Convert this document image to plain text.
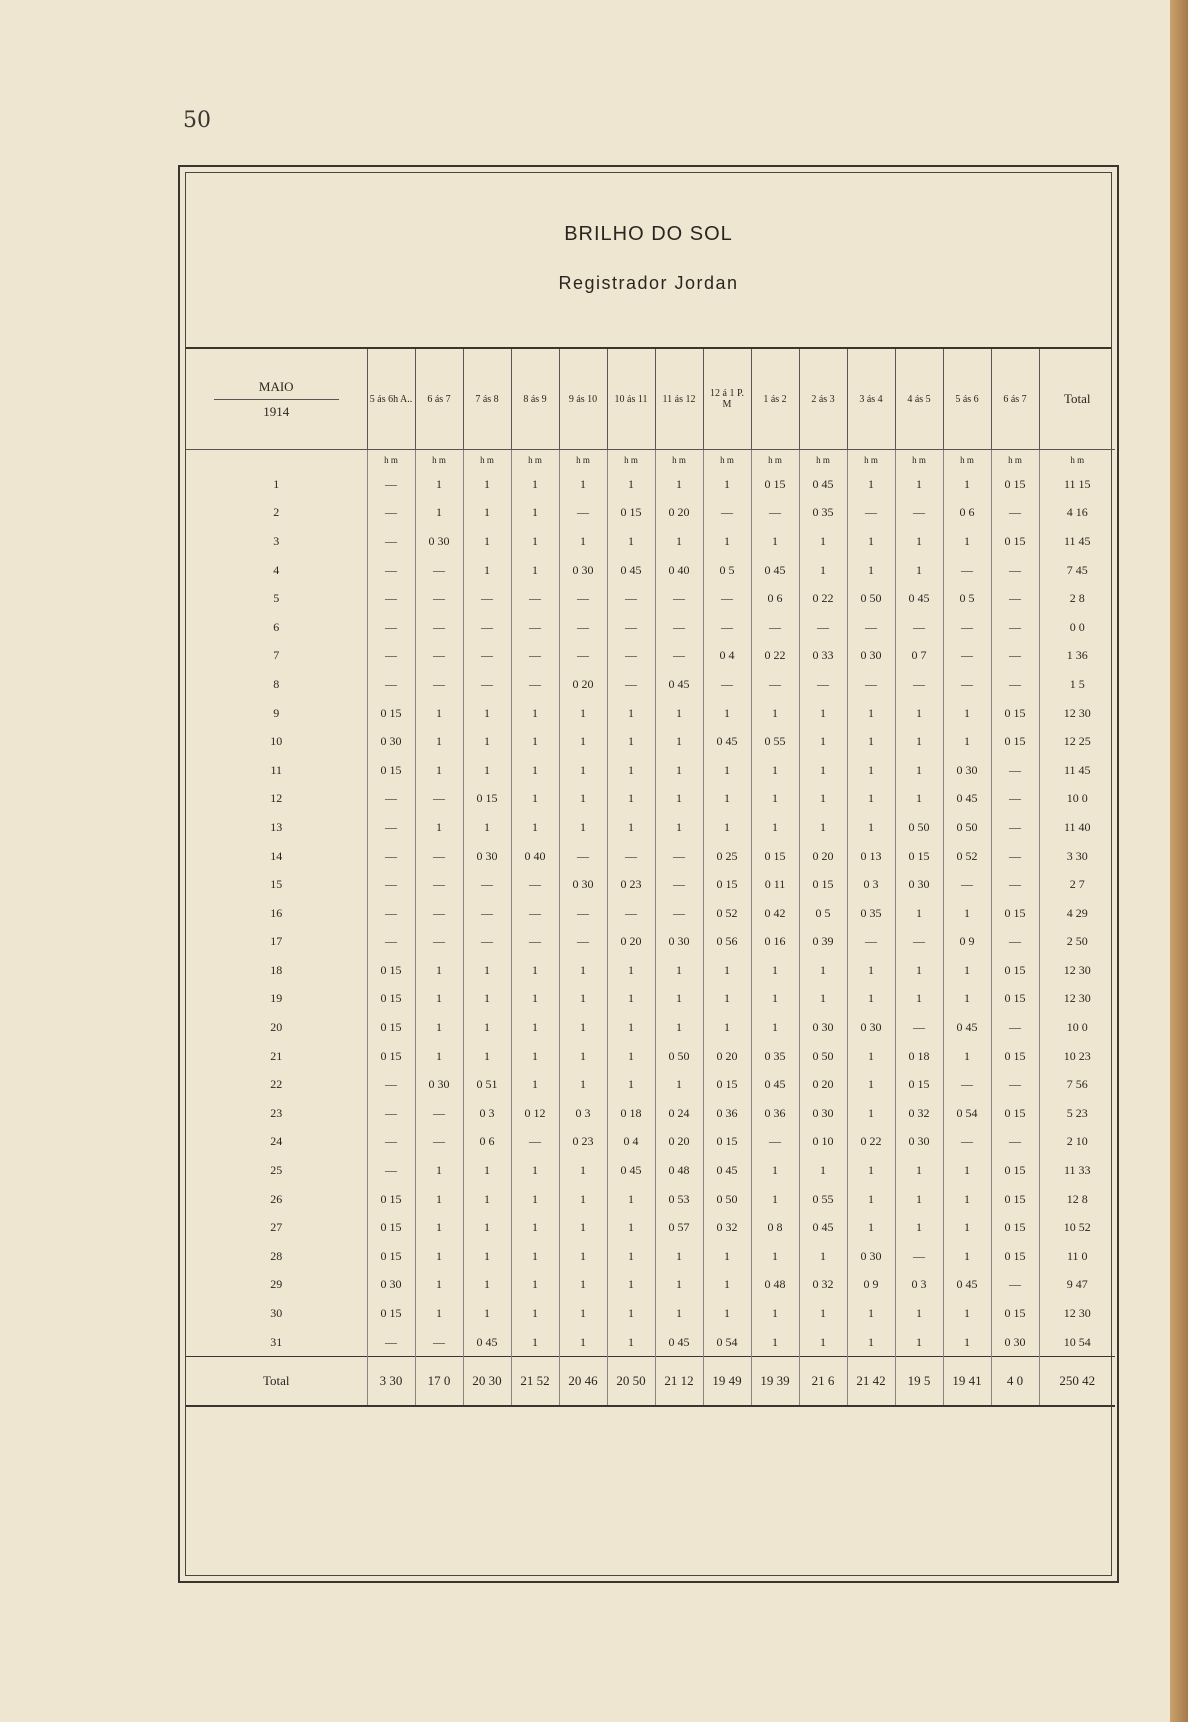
50
BRILHO DO SOL
Registrador Jordan
MAIO
1914	5 ás 6h A..	6 ás 7	7 ás 8	8 ás 9	9 ás 10	10 ás 11	11 ás 12	12 á 1 P. M	1 ás 2	2 ás 3	3 ás 4	4 ás 5	5 ás 6	6 ás 7	Total
	h m	h m	h m	h m	h m	h m	h m	h m	h m	h m	h m	h m	h m	h m	h m
1	—	1	1	1	1	1	1	1	0 15	0 45	1	1	1	0 15	11 15
2	—	1	1	1	—	0 15	0 20	—	—	0 35	—	—	0 6	—	4 16
3	—	0 30	1	1	1	1	1	1	1	1	1	1	1	0 15	11 45
4	—	—	1	1	0 30	0 45	0 40	0 5	0 45	1	1	1	—	—	7 45
5	—	—	—	—	—	—	—	—	0 6	0 22	0 50	0 45	0 5	—	2 8
6	—	—	—	—	—	—	—	—	—	—	—	—	—	—	0 0
7	—	—	—	—	—	—	—	0 4	0 22	0 33	0 30	0 7	—	—	1 36
8	—	—	—	—	0 20	—	0 45	—	—	—	—	—	—	—	1 5
9	0 15	1	1	1	1	1	1	1	1	1	1	1	1	0 15	12 30
10	0 30	1	1	1	1	1	1	0 45	0 55	1	1	1	1	0 15	12 25
11	0 15	1	1	1	1	1	1	1	1	1	1	1	0 30	—	11 45
12	—	—	0 15	1	1	1	1	1	1	1	1	1	0 45	—	10 0
13	—	1	1	1	1	1	1	1	1	1	1	0 50	0 50	—	11 40
14	—	—	0 30	0 40	—	—	—	0 25	0 15	0 20	0 13	0 15	0 52	—	3 30
15	—	—	—	—	0 30	0 23	—	0 15	0 11	0 15	0 3	0 30	—	—	2 7
16	—	—	—	—	—	—	—	0 52	0 42	0 5	0 35	1	1	0 15	4 29
17	—	—	—	—	—	0 20	0 30	0 56	0 16	0 39	—	—	0 9	—	2 50
18	0 15	1	1	1	1	1	1	1	1	1	1	1	1	0 15	12 30
19	0 15	1	1	1	1	1	1	1	1	1	1	1	1	0 15	12 30
20	0 15	1	1	1	1	1	1	1	1	0 30	0 30	—	0 45	—	10 0
21	0 15	1	1	1	1	1	0 50	0 20	0 35	0 50	1	0 18	1	0 15	10 23
22	—	0 30	0 51	1	1	1	1	0 15	0 45	0 20	1	0 15	—	—	7 56
23	—	—	0 3	0 12	0 3	0 18	0 24	0 36	0 36	0 30	1	0 32	0 54	0 15	5 23
24	—	—	0 6	—	0 23	0 4	0 20	0 15	—	0 10	0 22	0 30	—	—	2 10
25	—	1	1	1	1	0 45	0 48	0 45	1	1	1	1	1	0 15	11 33
26	0 15	1	1	1	1	1	0 53	0 50	1	0 55	1	1	1	0 15	12 8
27	0 15	1	1	1	1	1	0 57	0 32	0 8	0 45	1	1	1	0 15	10 52
28	0 15	1	1	1	1	1	1	1	1	1	0 30	—	1	0 15	11 0
29	0 30	1	1	1	1	1	1	1	0 48	0 32	0 9	0 3	0 45	—	9 47
30	0 15	1	1	1	1	1	1	1	1	1	1	1	1	0 15	12 30
31	—	—	0 45	1	1	1	0 45	0 54	1	1	1	1	1	0 30	10 54
Total	3 30	17 0	20 30	21 52	20 46	20 50	21 12	19 49	19 39	21 6	21 42	19 5	19 41	4 0	250 42
